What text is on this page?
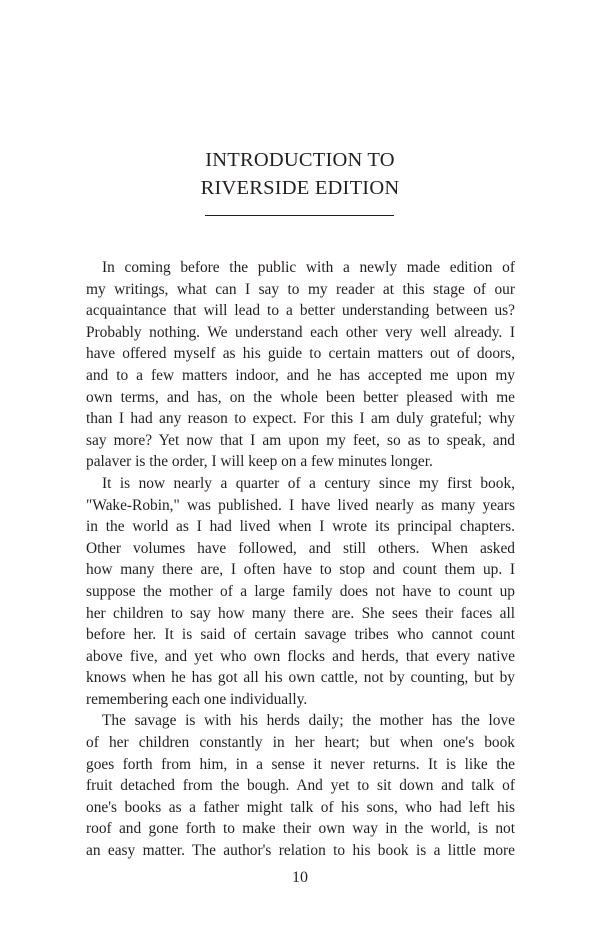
INTRODUCTION TO
RIVERSIDE EDITION
In coming before the public with a newly made edition of
my writings, what can I say to my reader at this stage of our
acquaintance that will lead to a better understanding between us?
Probably nothing. We understand each other very well already. I
have offered myself as his guide to certain matters out of doors,
and to a few matters indoor, and he has accepted me upon my
own terms, and has, on the whole been better pleased with me
than I had any reason to expect. For this I am duly grateful; why
say more? Yet now that I am upon my feet, so as to speak, and
palaver is the order, I will keep on a few minutes longer.
It is now nearly a quarter of a century since my first book,
"Wake-Robin," was published. I have lived nearly as many years
in the world as I had lived when I wrote its principal chapters.
Other volumes have followed, and still others. When asked
how many there are, I often have to stop and count them up. I
suppose the mother of a large family does not have to count up
her children to say how many there are. She sees their faces all
before her. It is said of certain savage tribes who cannot count
above five, and yet who own flocks and herds, that every native
knows when he has got all his own cattle, not by counting, but by
remembering each one individually.
The savage is with his herds daily; the mother has the love
of her children constantly in her heart; but when one's book
goes forth from him, in a sense it never returns. It is like the
fruit detached from the bough. And yet to sit down and talk of
one's books as a father might talk of his sons, who had left his
roof and gone forth to make their own way in the world, is not
an easy matter. The author's relation to his book is a little more
10
